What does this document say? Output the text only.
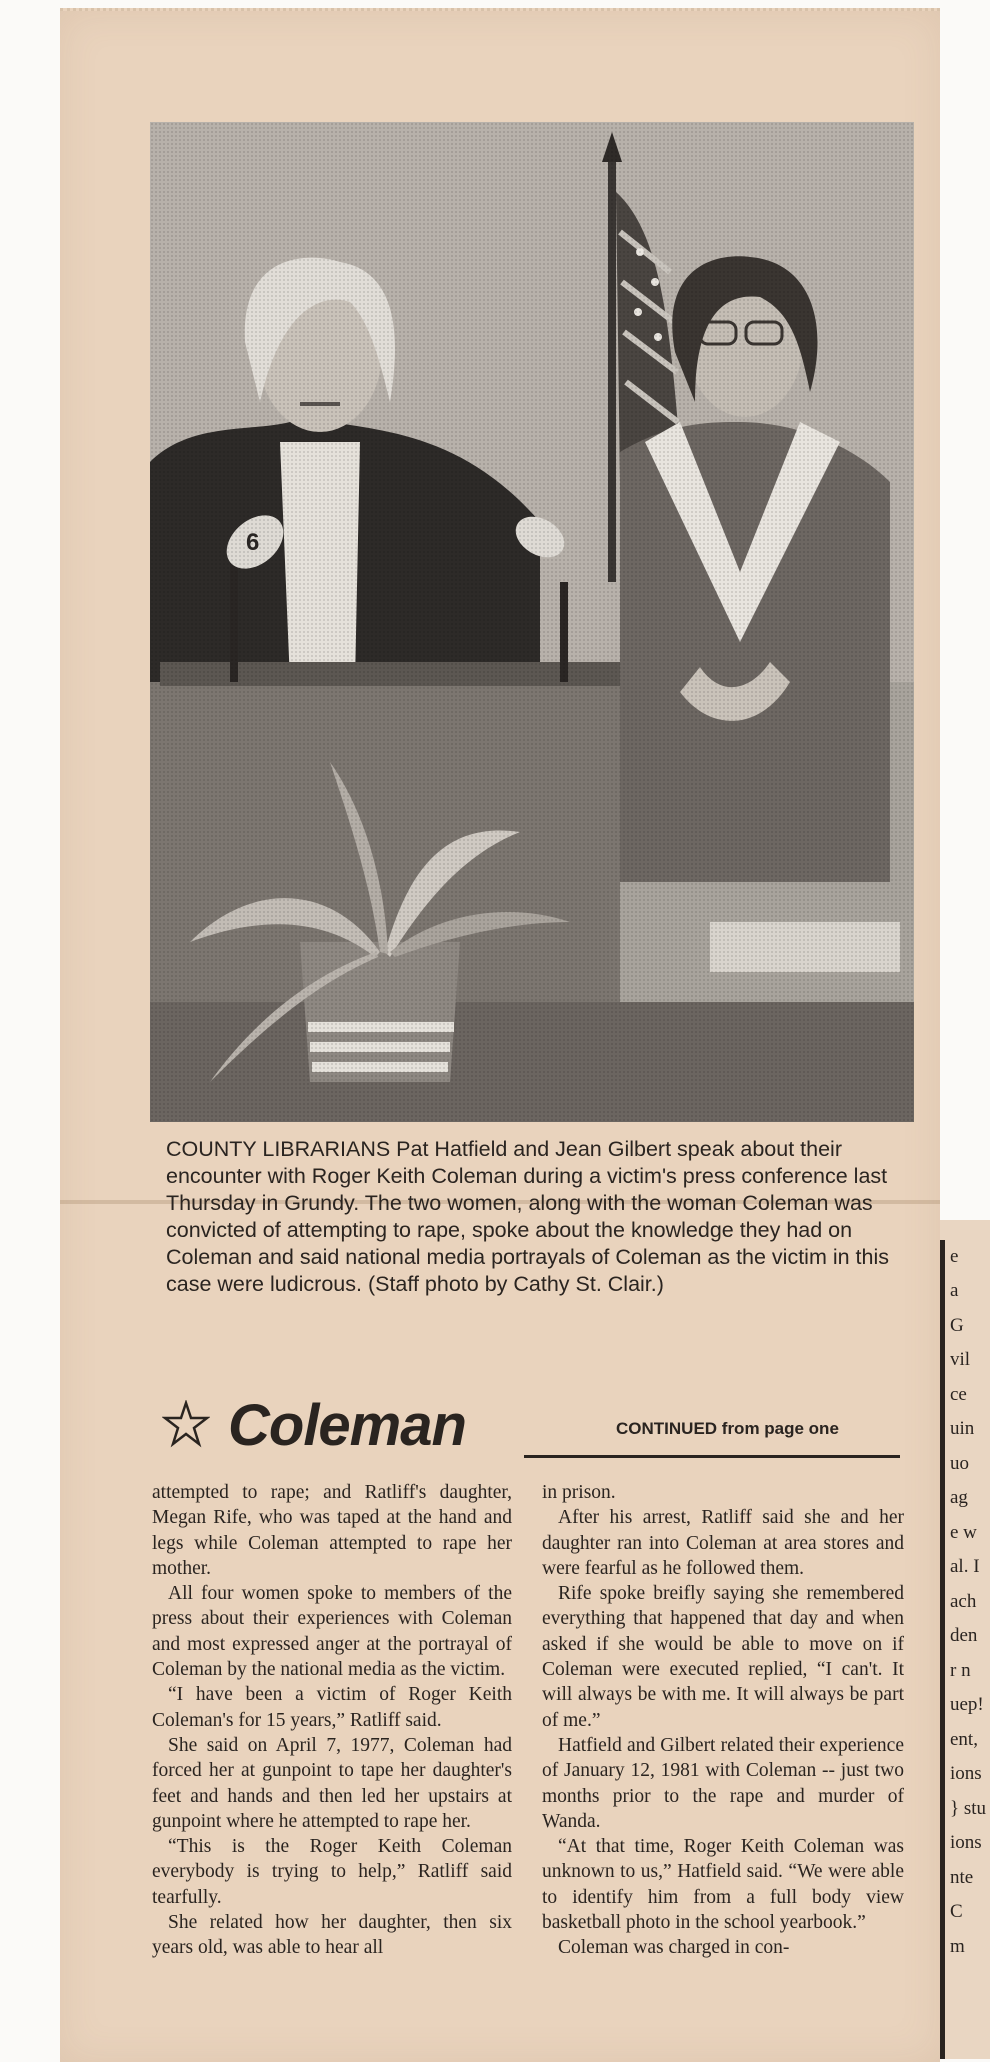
COUNTY LIBRARIANS Pat Hatfield and Jean Gilbert speak about their encounter with Roger Keith Coleman during a victim's press conference last Thursday in Grundy. The two women, along with the woman Coleman was convicted of attempting to rape, spoke about the knowledge they had on Coleman and said national media portrayals of Coleman as the victim in this case were ludicrous. (Staff photo by Cathy St. Clair.)

Coleman	CONTINUED from page one

attempted to rape; and Ratliff's daughter, Megan Rife, who was taped at the hand and legs while Coleman attempted to rape her mother.

All four women spoke to members of the press about their experiences with Coleman and most expressed anger at the portrayal of Coleman by the national media as the victim.

“I have been a victim of Roger Keith Coleman's for 15 years,” Ratliff said.

She said on April 7, 1977, Coleman had forced her at gunpoint to tape her daughter's feet and hands and then led her upstairs at gunpoint where he attempted to rape her.

“This is the Roger Keith Coleman everybody is trying to help,” Ratliff said tearfully.

She related how her daughter, then six years old, was able to hear all

in prison.

After his arrest, Ratliff said she and her daughter ran into Coleman at area stores and were fearful as he followed them.

Rife spoke breifly saying she remembered everything that happened that day and when asked if she would be able to move on if Coleman were executed replied, “I can't. It will always be with me. It will always be part of me.”

Hatfield and Gilbert related their experience of January 12, 1981 with Coleman -- just two months prior to the rape and murder of Wanda.

“At that time, Roger Keith Coleman was unknown to us,” Hatfield said. “We were able to identify him from a full body view basketball photo in the school yearbook.”

Coleman was charged in con-	m
C
nte
ions
} stu
ions
ent,
uep!
r n
den
ach
al. I
e w
ag
uo
uin
ce
vil
G
a
e
